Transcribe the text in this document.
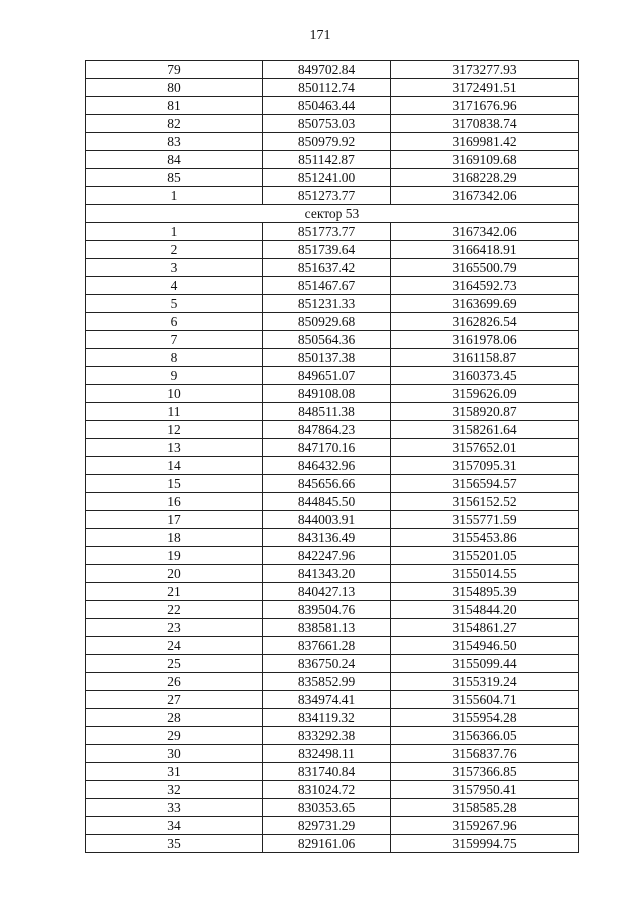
171
79	849702.84	3173277.93
80	850112.74	3172491.51
81	850463.44	3171676.96
82	850753.03	3170838.74
83	850979.92	3169981.42
84	851142.87	3169109.68
85	851241.00	3168228.29
1	851273.77	3167342.06
сектор 53		
1	851773.77	3167342.06
2	851739.64	3166418.91
3	851637.42	3165500.79
4	851467.67	3164592.73
5	851231.33	3163699.69
6	850929.68	3162826.54
7	850564.36	3161978.06
8	850137.38	3161158.87
9	849651.07	3160373.45
10	849108.08	3159626.09
11	848511.38	3158920.87
12	847864.23	3158261.64
13	847170.16	3157652.01
14	846432.96	3157095.31
15	845656.66	3156594.57
16	844845.50	3156152.52
17	844003.91	3155771.59
18	843136.49	3155453.86
19	842247.96	3155201.05
20	841343.20	3155014.55
21	840427.13	3154895.39
22	839504.76	3154844.20
23	838581.13	3154861.27
24	837661.28	3154946.50
25	836750.24	3155099.44
26	835852.99	3155319.24
27	834974.41	3155604.71
28	834119.32	3155954.28
29	833292.38	3156366.05
30	832498.11	3156837.76
31	831740.84	3157366.85
32	831024.72	3157950.41
33	830353.65	3158585.28
34	829731.29	3159267.96
35	829161.06	3159994.75
